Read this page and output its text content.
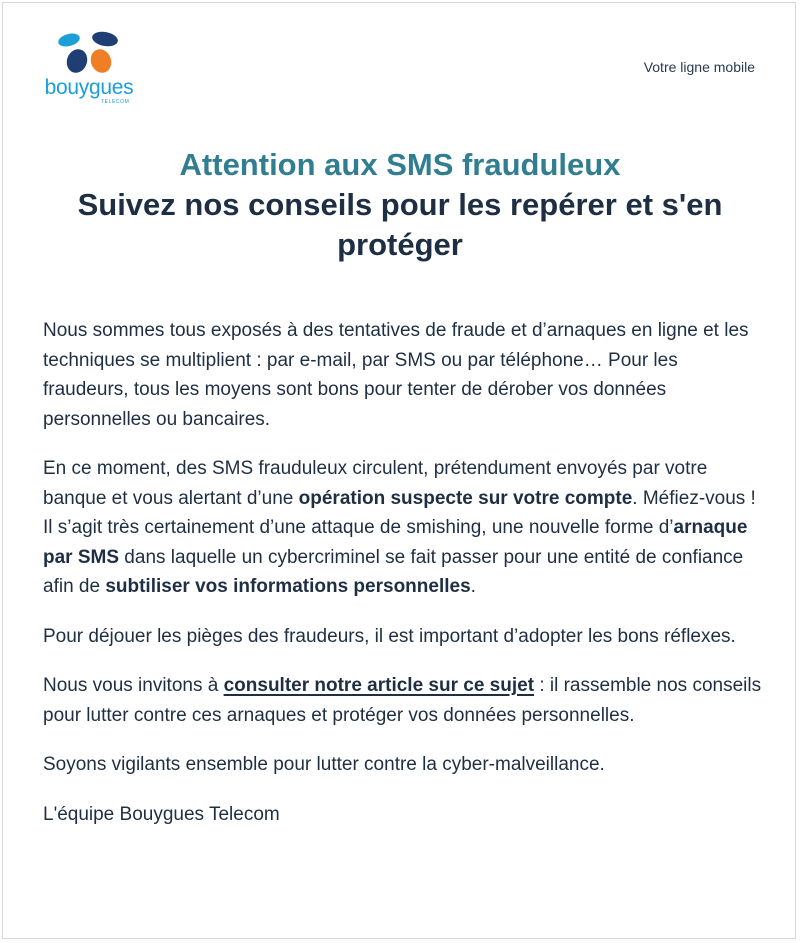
bouygues
TELECOM
Votre ligne mobile
Attention aux SMS frauduleux
Suivez nos conseils pour les repérer et s'en protéger

Nous sommes tous exposés à des tentatives de fraude et d’arnaques en ligne et les techniques se multiplient : par e-mail, par SMS ou par téléphone… Pour les fraudeurs, tous les moyens sont bons pour tenter de dérober vos données personnelles ou bancaires.

En ce moment, des SMS frauduleux circulent, prétendument envoyés par votre banque et vous alertant d’une opération suspecte sur votre compte. Méfiez-vous ! Il s’agit très certainement d’une attaque de smishing, une nouvelle forme d’arnaque par SMS dans laquelle un cybercriminel se fait passer pour une entité de confiance afin de subtiliser vos informations personnelles.

Pour déjouer les pièges des fraudeurs, il est important d’adopter les bons réflexes.

Nous vous invitons à consulter notre article sur ce sujet : il rassemble nos conseils pour lutter contre ces arnaques et protéger vos données personnelles.

Soyons vigilants ensemble pour lutter contre la cyber-malveillance.

L'équipe Bouygues Telecom
